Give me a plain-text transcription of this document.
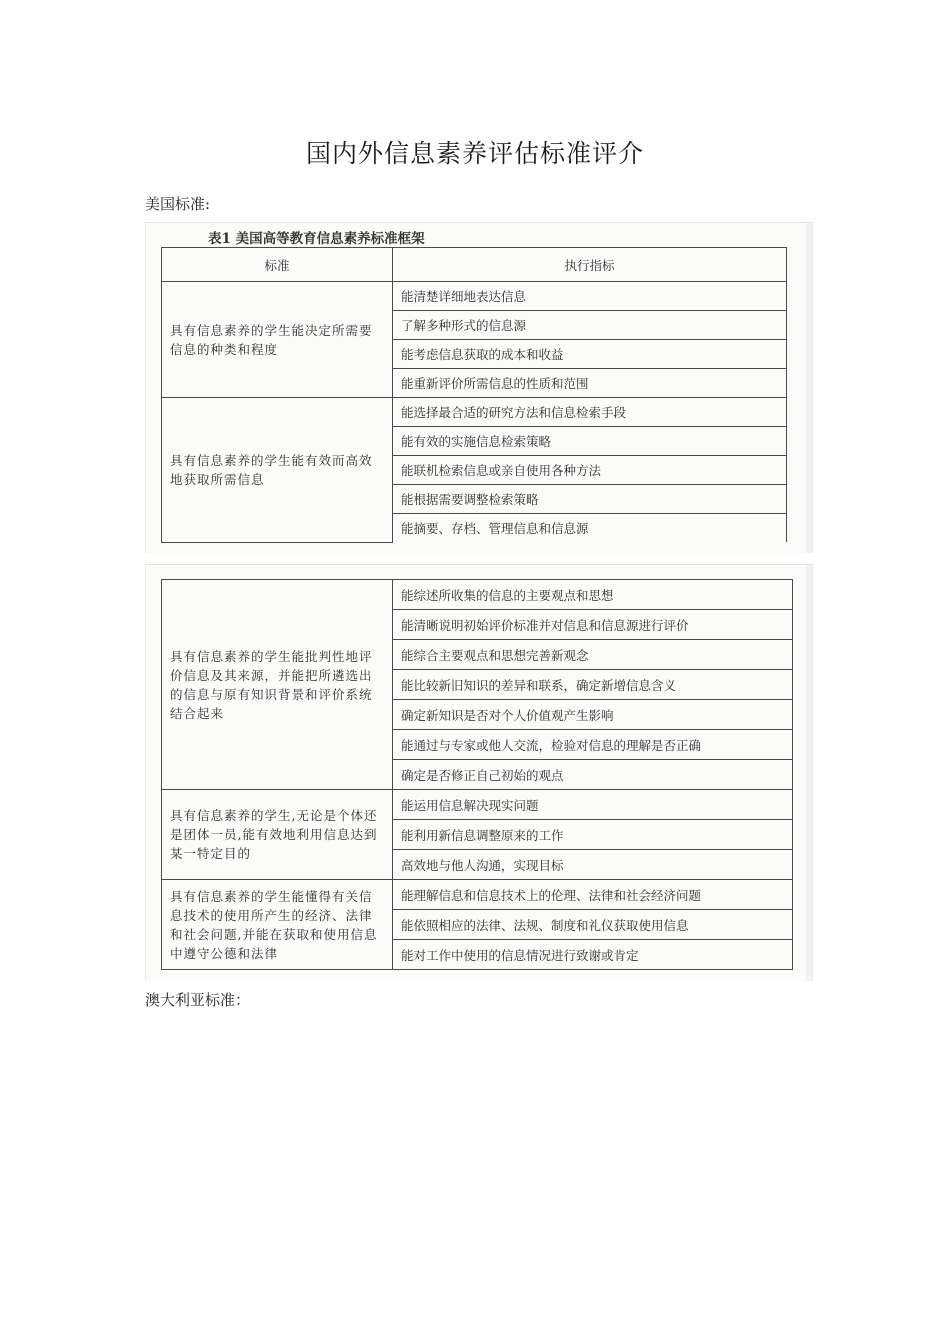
国内外信息素养评估标准评介
美国标准:
表1 美国高等教育信息素养标准框架
标准	执行指标
具有信息素养的学生能决定所需要信息的种类和程度	能清楚详细地表达信息
	了解多种形式的信息源
	能考虑信息获取的成本和收益
	能重新评价所需信息的性质和范围
具有信息素养的学生能有效而高效地获取所需信息	能选择最合适的研究方法和信息检索手段
	能有效的实施信息检索策略
	能联机检索信息或亲自使用各种方法
	能根据需要调整检索策略
	能摘要、存档、管理信息和信息源
具有信息素养的学生能批判性地评价信息及其来源，并能把所遴选出的信息与原有知识背景和评价系统结合起来	能综述所收集的信息的主要观点和思想
	能清晰说明初始评价标准并对信息和信息源进行评价
	能综合主要观点和思想完善新观念
	能比较新旧知识的差异和联系，确定新增信息含义
	确定新知识是否对个人价值观产生影响
	能通过与专家或他人交流，检验对信息的理解是否正确
	确定是否修正自己初始的观点
具有信息素养的学生,无论是个体还是团体一员,能有效地利用信息达到某一特定目的	能运用信息解决现实问题
	能利用新信息调整原来的工作
	高效地与他人沟通，实现目标
具有信息素养的学生能懂得有关信息技术的使用所产生的经济、法律和社会问题,并能在获取和使用信息中遵守公德和法律	能理解信息和信息技术上的伦理、法律和社会经济问题
	能依照相应的法律、法规、制度和礼仪获取使用信息
	能对工作中使用的信息情况进行致谢或肯定
澳大利亚标准：
